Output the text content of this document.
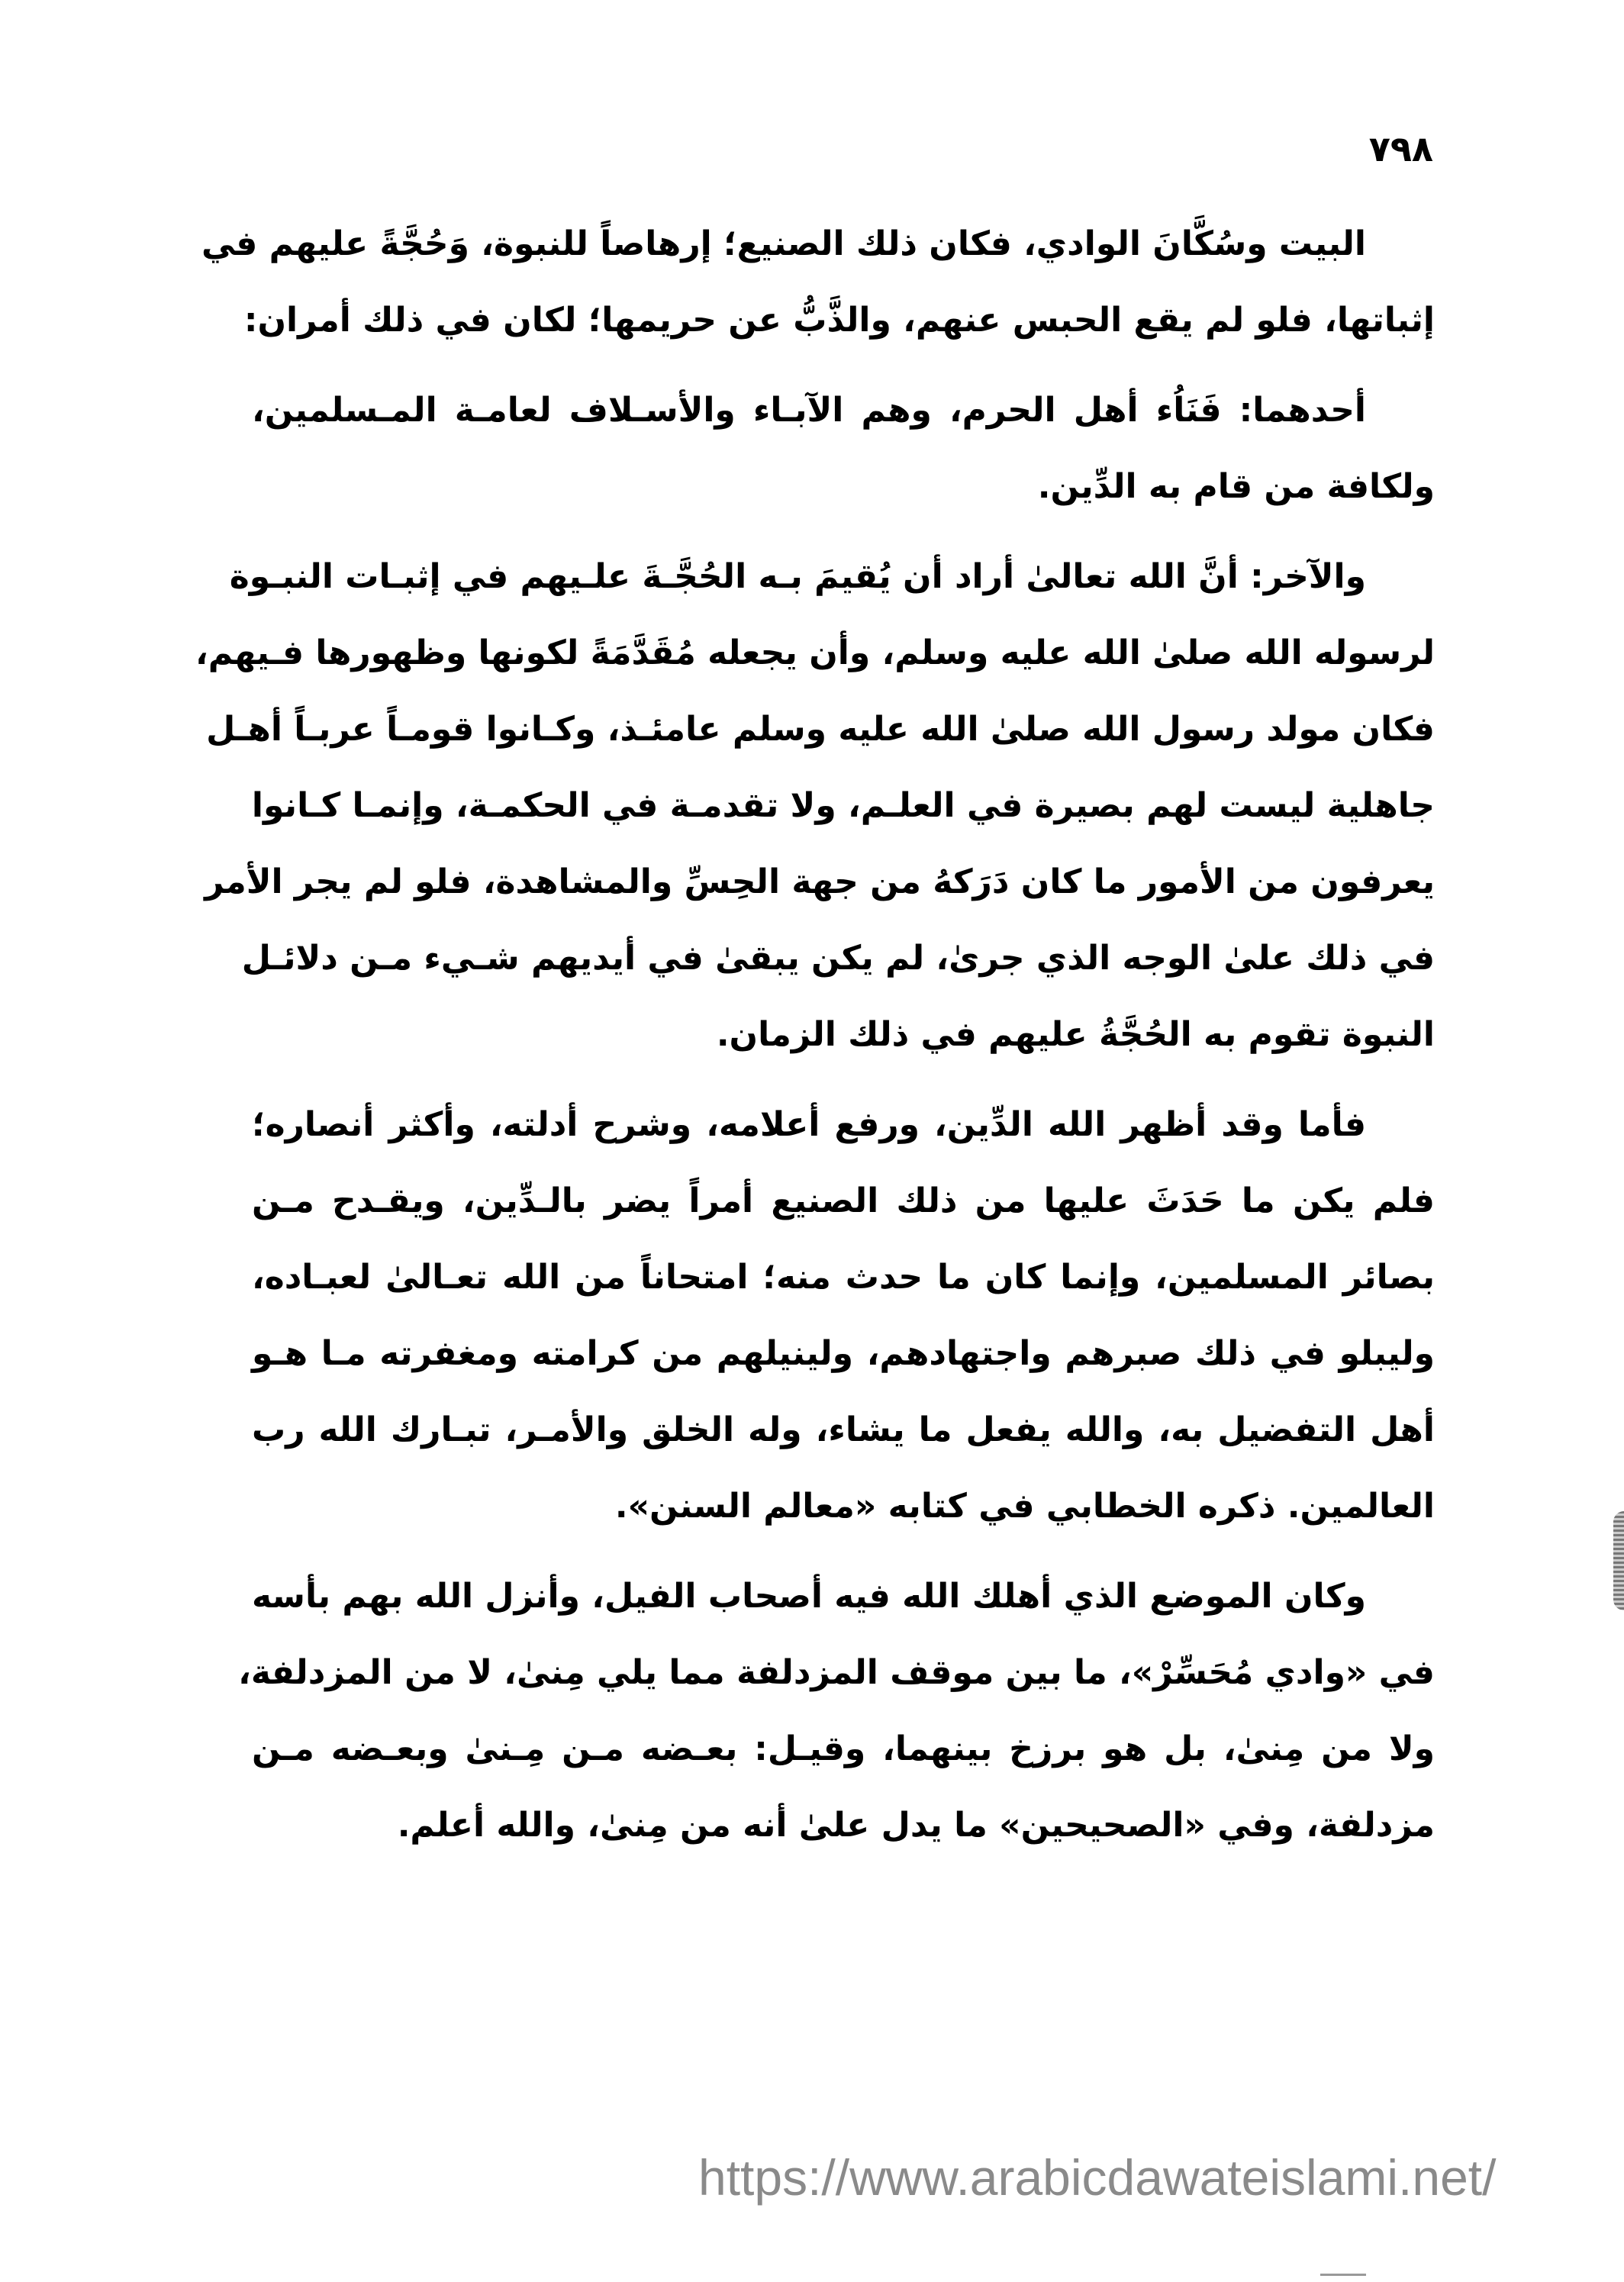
٧٩٨
البيت وسُكَّانَ الوادي، فكان ذلك الصنيع؛ إرهاصاً للنبوة، وَحُجَّةً عليهم في
إثباتها، فلو لم يقع الحبس عنهم، والذَّبُّ عن حريمها؛ لكان في ذلك أمران:
أحدهما: فَنَاُء أهل الحرم، وهم الآبـاء والأسـلاف لعامـة المـسلمين،
ولكافة من قام به الدِّين.
والآخر: أنَّ الله تعالىٰ أراد أن يُقيمَ بـه الحُجَّـةَ علـيهم في إثبـات النبـوة
لرسوله الله صلىٰ الله عليه وسلم، وأن يجعله مُقَدَّمَةً لكونها وظهورها فـيهم،
فكان مولد رسول الله صلىٰ الله عليه وسلم عامئـذ، وكـانوا قومـاً عربـاً أهـل
جاهلية ليست لهم بصيرة في العلـم، ولا تقدمـة في الحكمـة، وإنمـا كـانوا
يعرفون من الأمور ما كان دَرَكهُ من جهة الحِسِّ والمشاهدة، فلو لم يجر الأمر
في ذلك علىٰ الوجه الذي جرىٰ، لم يكن يبقىٰ في أيديهم شـيء مـن دلائـل
النبوة تقوم به الحُجَّةُ عليهم في ذلك الزمان.
فأما وقد أظهر الله الدِّين، ورفع أعلامه، وشرح أدلته، وأكثر أنصاره؛
فلم يكن ما حَدَثَ عليها من ذلك الصنيع أمراً يضر بالـدِّين، ويقـدح مـن
بصائر المسلمين، وإنما كان ما حدث منه؛ امتحاناً من الله تعـالىٰ لعبـاده،
وليبلو في ذلك صبرهم واجتهادهم، ولينيلهم من كرامته ومغفرته مـا هـو
أهل التفضيل به، والله يفعل ما يشاء، وله الخلق والأمـر، تبـارك الله رب
العالمين. ذكره الخطابي في كتابه «معالم السنن».
وكان الموضع الذي أهلك الله فيه أصحاب الفيل، وأنزل الله بهم بأسه
في «وادي مُحَسِّرْ»، ما بين موقف المزدلفة مما يلي مِنىٰ، لا من المزدلفة،
ولا من مِنىٰ، بل هو برزخ بينهما، وقيـل: بعـضه مـن مِـنىٰ وبعـضه مـن
مزدلفة، وفي «الصحيحين» ما يدل علىٰ أنه من مِنىٰ، والله أعلم.
https://www.arabicdawateislami.net/
